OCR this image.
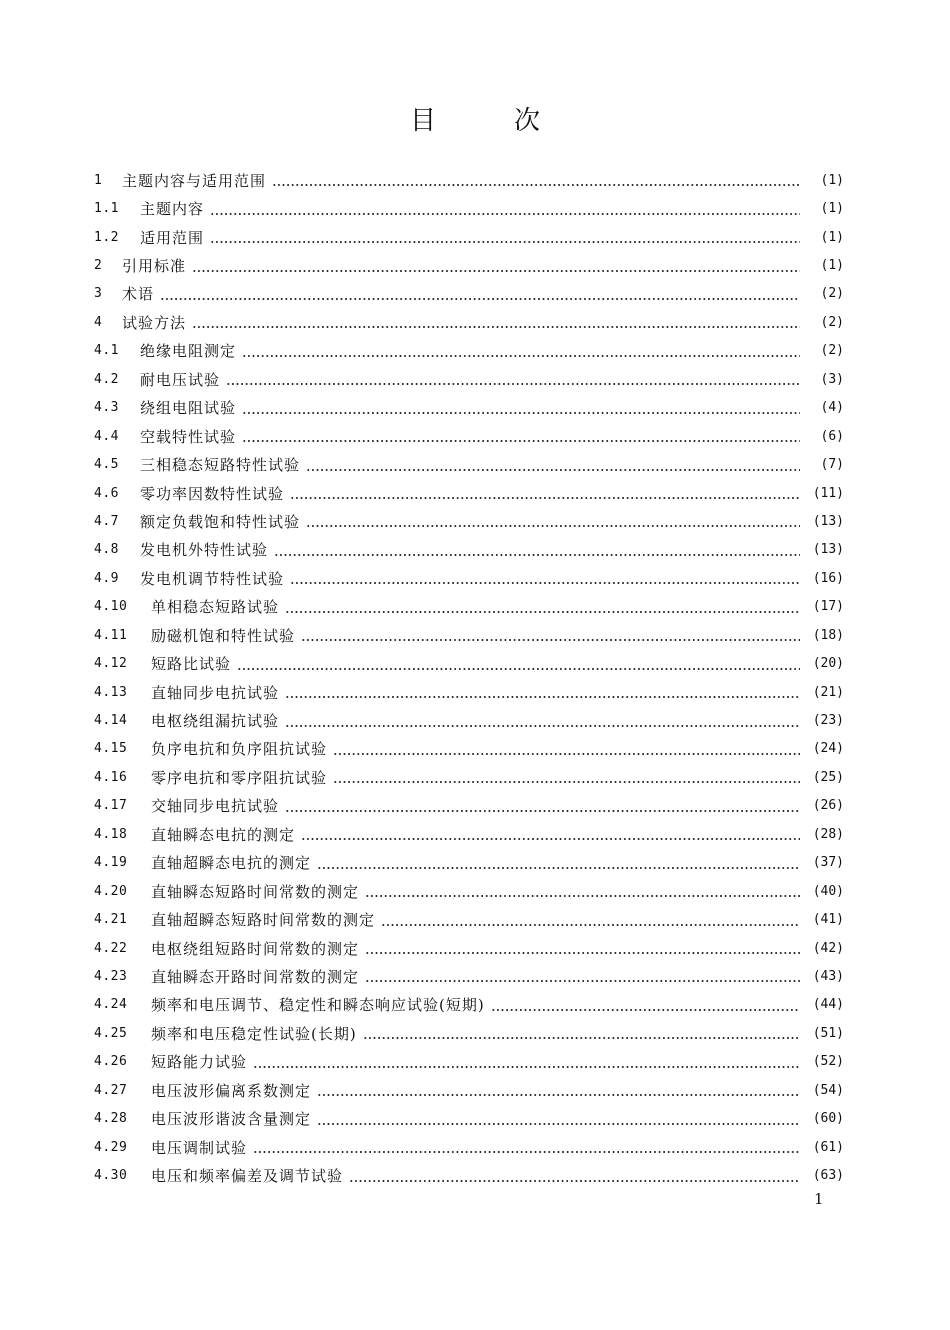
目	次
1	主题内容与适用范围	(1)
1.1	主题内容	(1)
1.2	适用范围	(1)
2	引用标准	(1)
3	术语	(2)
4	试验方法	(2)
4.1	绝缘电阻测定	(2)
4.2	耐电压试验	(3)
4.3	绕组电阻试验	(4)
4.4	空载特性试验	(6)
4.5	三相稳态短路特性试验	(7)
4.6	零功率因数特性试验	(11)
4.7	额定负载饱和特性试验	(13)
4.8	发电机外特性试验	(13)
4.9	发电机调节特性试验	(16)
4.10	单相稳态短路试验	(17)
4.11	励磁机饱和特性试验	(18)
4.12	短路比试验	(20)
4.13	直轴同步电抗试验	(21)
4.14	电枢绕组漏抗试验	(23)
4.15	负序电抗和负序阻抗试验	(24)
4.16	零序电抗和零序阻抗试验	(25)
4.17	交轴同步电抗试验	(26)
4.18	直轴瞬态电抗的测定	(28)
4.19	直轴超瞬态电抗的测定	(37)
4.20	直轴瞬态短路时间常数的测定	(40)
4.21	直轴超瞬态短路时间常数的测定	(41)
4.22	电枢绕组短路时间常数的测定	(42)
4.23	直轴瞬态开路时间常数的测定	(43)
4.24	频率和电压调节、稳定性和瞬态响应试验(短期)	(44)
4.25	频率和电压稳定性试验(长期)	(51)
4.26	短路能力试验	(52)
4.27	电压波形偏离系数测定	(54)
4.28	电压波形谐波含量测定	(60)
4.29	电压调制试验	(61)
4.30	电压和频率偏差及调节试验	(63)
1
